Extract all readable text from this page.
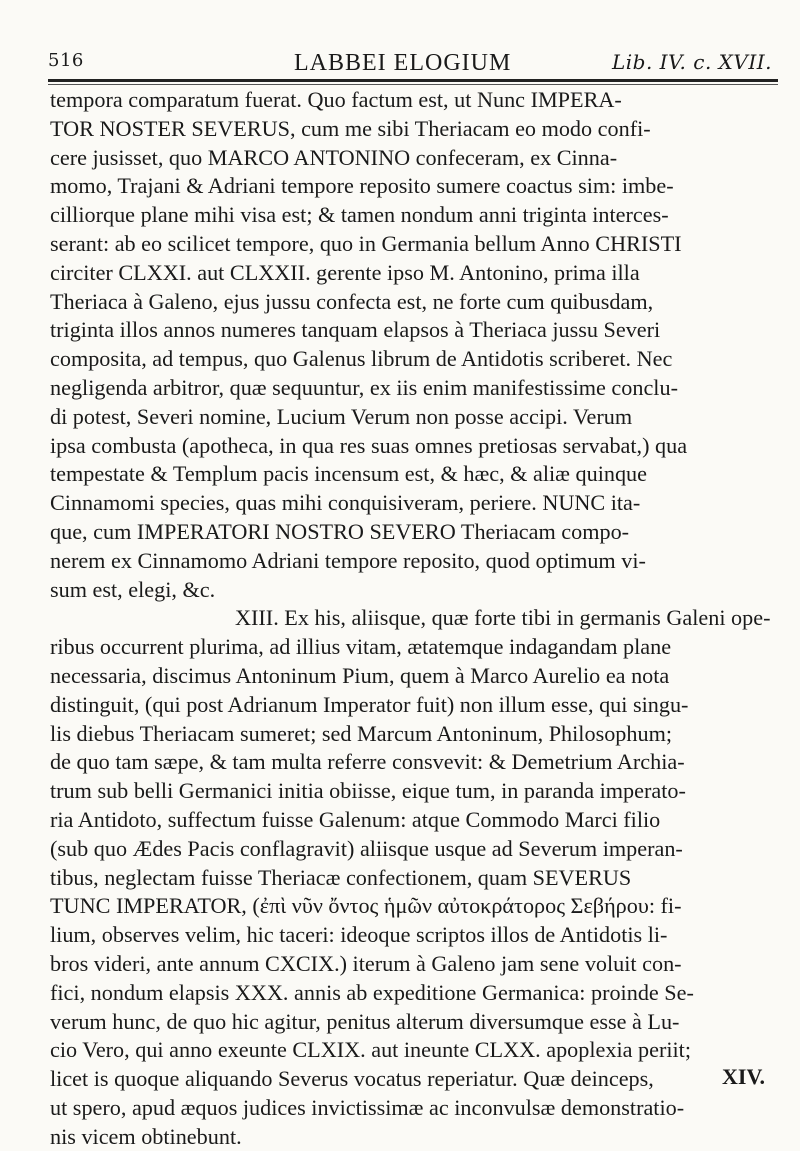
516	LABBEI ELOGIUM	Lib. IV. c. XVII.
tempora comparatum fuerat. Quo factum est, ut Nunc IMPERA-
TOR NOSTER SEVERUS, cum me sibi Theriacam eo modo confi-
cere jusisset, quo MARCO ANTONINO confeceram, ex Cinna-
momo, Trajani & Adriani tempore reposito sumere coactus sim: imbe-
cilliorque plane mihi visa est; & tamen nondum anni triginta interces-
serant: ab eo scilicet tempore, quo in Germania bellum Anno CHRISTI
circiter CLXXI. aut CLXXII. gerente ipso M. Antonino, prima illa
Theriaca à Galeno, ejus jussu confecta est, ne forte cum quibusdam,
triginta illos annos numeres tanquam elapsos à Theriaca jussu Severi
composita, ad tempus, quo Galenus librum de Antidotis scriberet. Nec
negligenda arbitror, quæ sequuntur, ex iis enim manifestissime conclu-
di potest, Severi nomine, Lucium Verum non posse accipi. Verum
ipsa combusta (apotheca, in qua res suas omnes pretiosas servabat,) qua
tempestate & Templum pacis incensum est, & hæc, & aliæ quinque
Cinnamomi species, quas mihi conquisiveram, periere. NUNC ita-
que, cum IMPERATORI NOSTRO SEVERO Theriacam compo-
nerem ex Cinnamomo Adriani tempore reposito, quod optimum vi-
sum est, elegi, &c.
XIII. Ex his, aliisque, quæ forte tibi in germanis Galeni ope-
ribus occurrent plurima, ad illius vitam, ætatemque indagandam plane
necessaria, discimus Antoninum Pium, quem à Marco Aurelio ea nota
distinguit, (qui post Adrianum Imperator fuit) non illum esse, qui singu-
lis diebus Theriacam sumeret; sed Marcum Antoninum, Philosophum;
de quo tam sæpe, & tam multa referre consvevit: & Demetrium Archia-
trum sub belli Germanici initia obiisse, eique tum, in paranda imperato-
ria Antidoto, suffectum fuisse Galenum: atque Commodo Marci filio
(sub quo Ædes Pacis conflagravit) aliisque usque ad Severum imperan-
tibus, neglectam fuisse Theriacæ confectionem, quam SEVERUS
TUNC IMPERATOR, (ἐπὶ νῦν ὄντος ἡμῶν αὐτοκράτορος Σεβήρου: fi-
lium, observes velim, hic taceri: ideoque scriptos illos de Antidotis li-
bros videri, ante annum CXCIX.) iterum à Galeno jam sene voluit con-
fici, nondum elapsis XXX. annis ab expeditione Germanica: proinde Se-
verum hunc, de quo hic agitur, penitus alterum diversumque esse à Lu-
cio Vero, qui anno exeunte CLXIX. aut ineunte CLXX. apoplexia periit;
licet is quoque aliquando Severus vocatus reperiatur. Quæ deinceps,
ut spero, apud æquos judices invictissimæ ac inconvulsæ demonstratio-
nis vicem obtinebunt.
XIV.
